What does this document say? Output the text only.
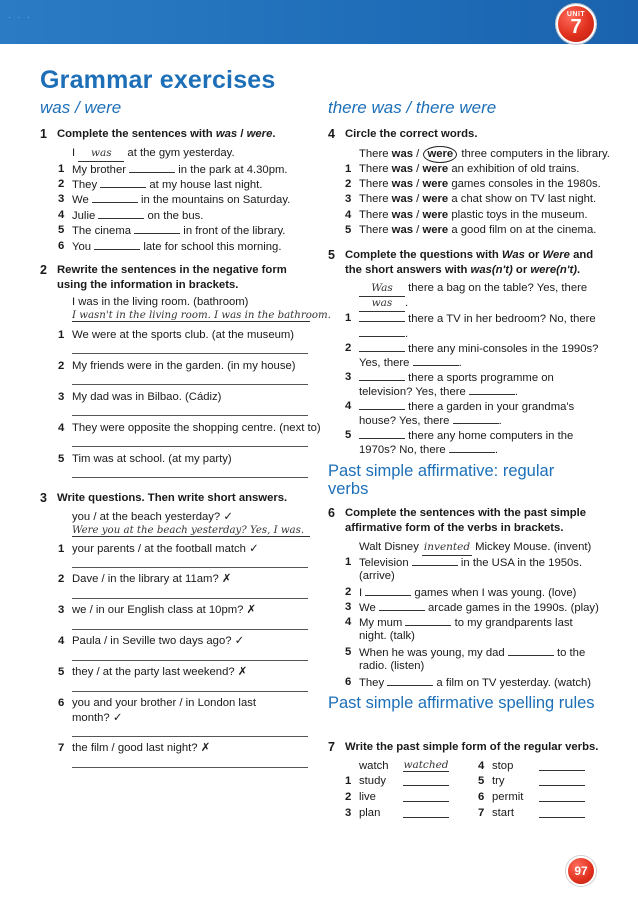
· · ·	UNIT
7
Grammar exercises
was / were	there was / there were
1 Complete the sentences with was / were.
I was at the gym yesterday.
1 My brother	in the park at 4.30pm.
2 They	at my house last night.
3 We	in the mountains on Saturday.
4 Julie	on the bus.
5 The cinema	in front of the library.
6 You	late for school this morning.
2 Rewrite the sentences in the negative form using the information in brackets.
I was in the living room. (bathroom)
I wasn't in the living room. I was in the bathroom.
1 We were at the sports club. (at the museum)
2 My friends were in the garden. (in my house)
3 My dad was in Bilbao. (Cádiz)
4 They were opposite the shopping centre. (next to)
5 Tim was at school. (at my party)
3 Write questions. Then write short answers.
you / at the beach yesterday? ✓
Were you at the beach yesterday? Yes, I was.
1 your parents / at the football match ✓
2 Dave / in the library at 11am? ✗
3 we / in our English class at 10pm? ✗
4 Paula / in Seville two days ago? ✓
5 they / at the party last weekend? ✗
6 you and your brother / in London last
month? ✓
7 the film / good last night? ✗
4 Circle the correct words.
There was / were three computers in the library.
1 There was / were an exhibition of old trains.
2 There was / were games consoles in the 1980s.
3 There was / were a chat show on TV last night.
4 There was / were plastic toys in the museum.
5 There was / were a good film on at the cinema.
5 Complete the questions with Was or Were and the short answers with was(n't) or were(n't).
Was there a bag on the table? Yes, there
was .
1	there a TV in her bedroom? No, there
.
2	there any mini-consoles in the 1990s?
Yes, there	.
3	there a sports programme on
television? Yes, there	.
4	there a garden in your grandma's
house? Yes, there	.
5	there any home computers in the
1970s? No, there	.
Past simple affirmative: regular verbs
6 Complete the sentences with the past simple affirmative form of the verbs in brackets.
Walt Disney invented Mickey Mouse. (invent)
1 Television	in the USA in the 1950s.
(arrive)
2 I	games when I was young. (love)
3 We	arcade games in the 1990s. (play)
4 My mum	to my grandparents last
night. (talk)
5 When he was young, my dad	to the
radio. (listen)
6 They	a film on TV yesterday. (watch)
Past simple affirmative spelling rules
7 Write the past simple form of the regular verbs.
watch watched
1 study
2 live
3 plan
4 stop
5 try
6 permit
7 start
97
